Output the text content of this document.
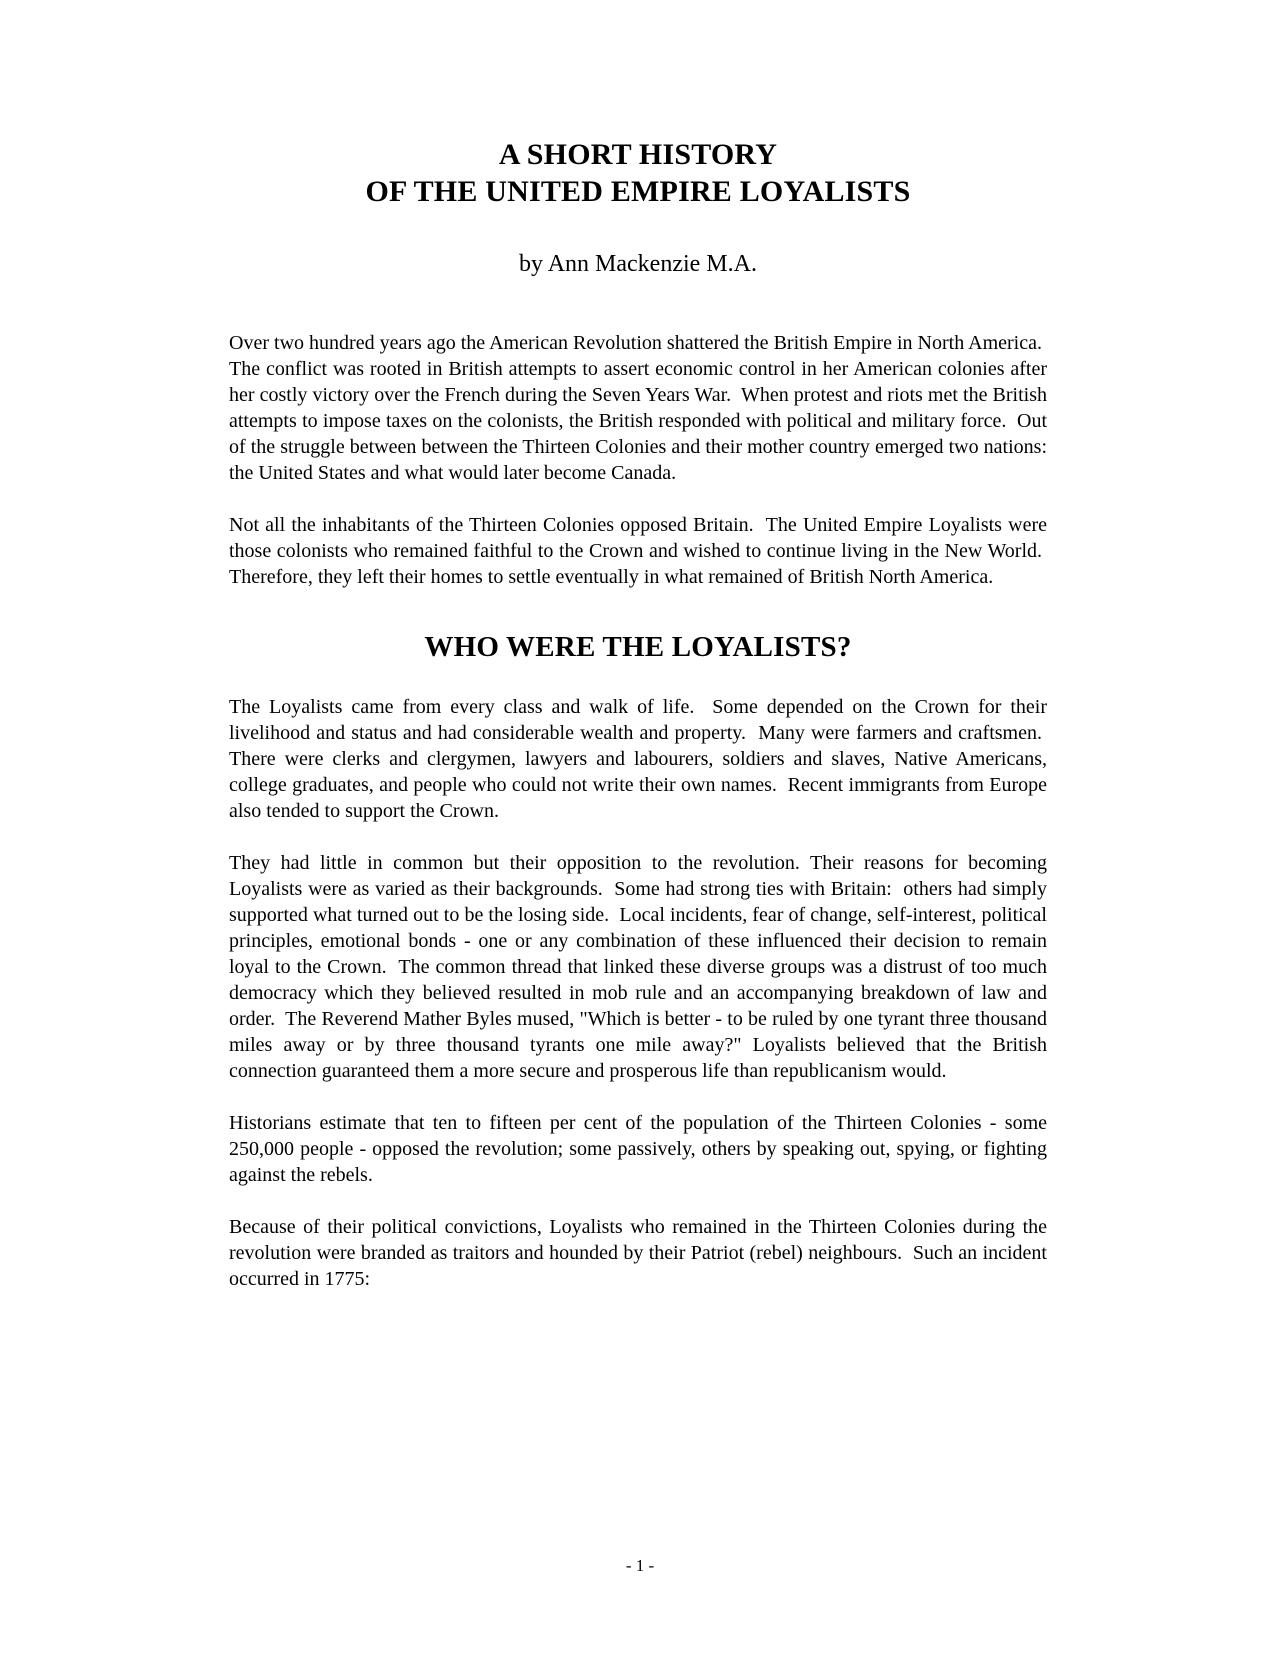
A SHORT HISTORY
OF THE UNITED EMPIRE LOYALISTS

by Ann Mackenzie M.A.

Over two hundred years ago the American Revolution shattered the British Empire in North America.  The conflict was rooted in British attempts to assert economic control in her American colonies after her costly victory over the French during the Seven Years War.  When protest and riots met the British attempts to impose taxes on the colonists, the British responded with political and military force.  Out of the struggle between between the Thirteen Colonies and their mother country emerged two nations: the United States and what would later become Canada.

Not all the inhabitants of the Thirteen Colonies opposed Britain.  The United Empire Loyalists were those colonists who remained faithful to the Crown and wished to continue living in the New World.  Therefore, they left their homes to settle eventually in what remained of British North America.

WHO WERE THE LOYALISTS?

The Loyalists came from every class and walk of life.  Some depended on the Crown for their livelihood and status and had considerable wealth and property.  Many were farmers and craftsmen.  There were clerks and clergymen, lawyers and labourers, soldiers and slaves, Native Americans, college graduates, and people who could not write their own names.  Recent immigrants from Europe also tended to support the Crown.

They had little in common but their opposition to the revolution. Their reasons for becoming Loyalists were as varied as their backgrounds.  Some had strong ties with Britain:  others had simply supported what turned out to be the losing side.  Local incidents, fear of change, self-interest, political principles, emotional bonds - one or any combination of these influenced their decision to remain loyal to the Crown.  The common thread that linked these diverse groups was a distrust of too much democracy which they believed resulted in mob rule and an accompanying breakdown of law and order.  The Reverend Mather Byles mused, "Which is better - to be ruled by one tyrant three thousand miles away or by three thousand tyrants one mile away?" Loyalists believed that the British connection guaranteed them a more secure and prosperous life than republicanism would.

Historians estimate that ten to fifteen per cent of the population of the Thirteen Colonies - some 250,000 people - opposed the revolution; some passively, others by speaking out, spying, or fighting against the rebels.

Because of their political convictions, Loyalists who remained in the Thirteen Colonies during the revolution were branded as traitors and hounded by their Patriot (rebel) neighbours.  Such an incident occurred in 1775:

- 1 -
